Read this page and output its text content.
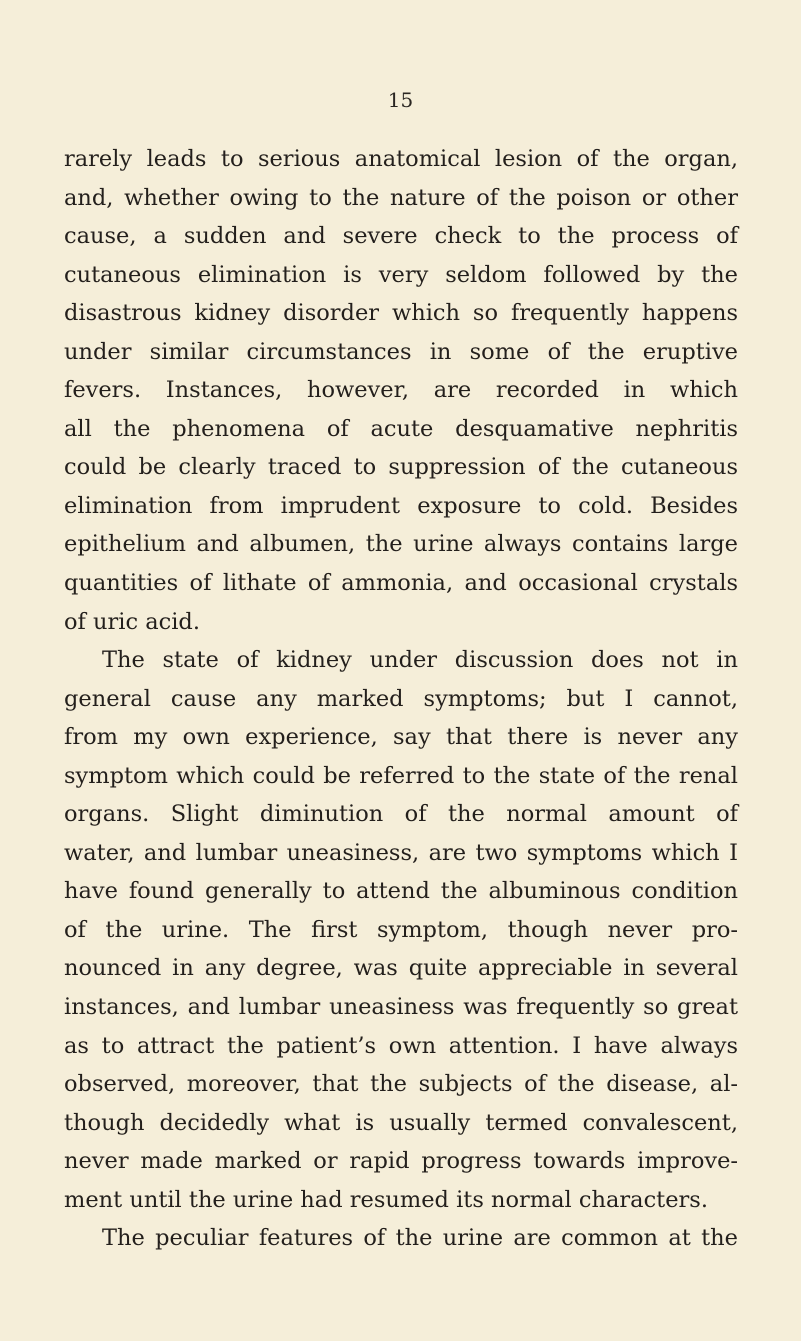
15
rarely leads to serious anatomical lesion of the organ,
and, whether owing to the nature of the poison or other
cause, a sudden and severe check to the process of
cutaneous elimination is very seldom followed by the
disastrous kidney disorder which so frequently happens
under similar circumstances in some of the eruptive
fevers. Instances, however, are recorded in which
all the phenomena of acute desquamative nephritis
could be clearly traced to suppression of the cutaneous
elimination from imprudent exposure to cold. Besides
epithelium and albumen, the urine always contains large
quantities of lithate of ammonia, and occasional crystals
of uric acid.
The state of kidney under discussion does not in
general cause any marked symptoms; but I cannot,
from my own experience, say that there is never any
symptom which could be referred to the state of the renal
organs. Slight diminution of the normal amount of
water, and lumbar uneasiness, are two symptoms which I
have found generally to attend the albuminous condition
of the urine. The first symptom, though never pro-
nounced in any degree, was quite appreciable in several
instances, and lumbar uneasiness was frequently so great
as to attract the patient’s own attention. I have always
observed, moreover, that the subjects of the disease, al-
though decidedly what is usually termed convalescent,
never made marked or rapid progress towards improve-
ment until the urine had resumed its normal characters.
The peculiar features of the urine are common at the
